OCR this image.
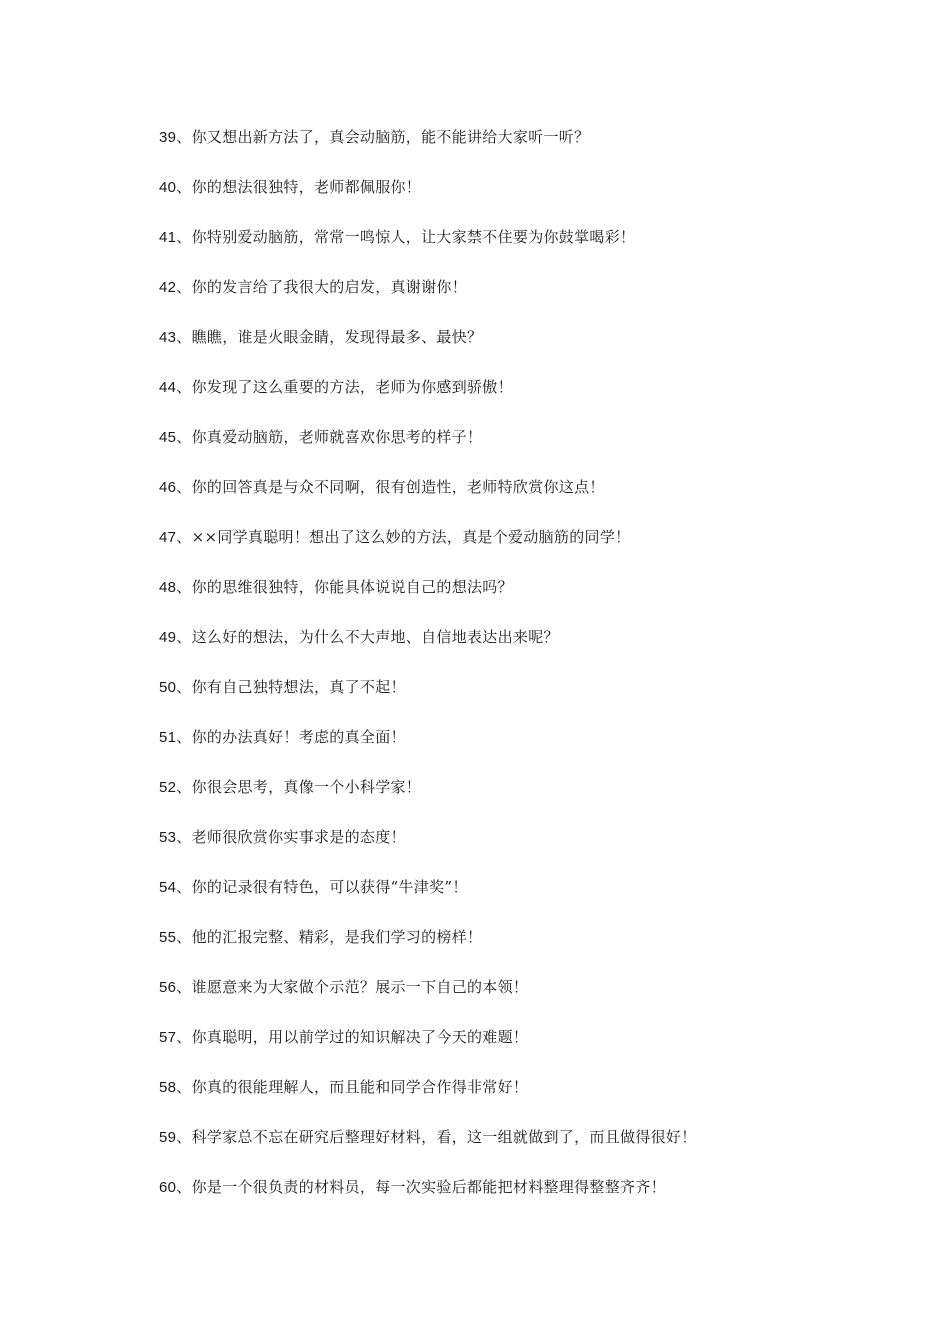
39、你又想出新方法了，真会动脑筋，能不能讲给大家听一听？
40、你的想法很独特，老师都佩服你！
41、你特别爱动脑筋，常常一鸣惊人，让大家禁不住要为你鼓掌喝彩！
42、你的发言给了我很大的启发，真谢谢你！
43、瞧瞧，谁是火眼金睛，发现得最多、最快？
44、你发现了这么重要的方法，老师为你感到骄傲！
45、你真爱动脑筋，老师就喜欢你思考的样子！
46、你的回答真是与众不同啊，很有创造性，老师特欣赏你这点！
47、××同学真聪明！想出了这么妙的方法，真是个爱动脑筋的同学！
48、你的思维很独特，你能具体说说自己的想法吗？
49、这么好的想法，为什么不大声地、自信地表达出来呢？
50、你有自己独特想法，真了不起！
51、你的办法真好！考虑的真全面！
52、你很会思考，真像一个小科学家！
53、老师很欣赏你实事求是的态度！
54、你的记录很有特色，可以获得“牛津奖”！
55、他的汇报完整、精彩，是我们学习的榜样！
56、谁愿意来为大家做个示范？展示一下自己的本领！
57、你真聪明，用以前学过的知识解决了今天的难题！
58、你真的很能理解人，而且能和同学合作得非常好！
59、科学家总不忘在研究后整理好材料，看，这一组就做到了，而且做得很好！
60、你是一个很负责的材料员，每一次实验后都能把材料整理得整整齐齐！
